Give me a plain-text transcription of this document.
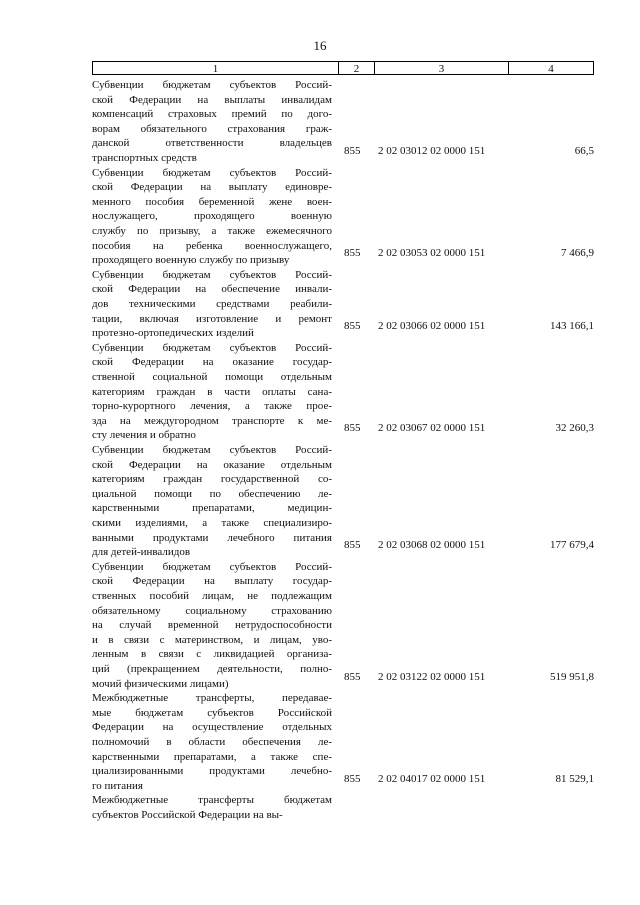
16
1	2	3	4
Субвенции бюджетам субъектов Россий-
ской Федерации на выплаты инвалидам
компенсаций страховых премий по дого-
ворам обязательного страхования граж-
данской ответственности владельцев
транспортных средств
855	2 02 03012 02 0000 151	66,5
Субвенции бюджетам субъектов Россий-
ской Федерации на выплату единовре-
менного пособия беременной жене воен-
нослужащего, проходящего военную
службу по призыву, а также ежемесячного
пособия на ребенка военнослужащего,
проходящего военную службу по призыву
855	2 02 03053 02 0000 151	7 466,9
Субвенции бюджетам субъектов Россий-
ской Федерации на обеспечение инвали-
дов техническими средствами реабили-
тации, включая изготовление и ремонт
протезно-ортопедических изделий
855	2 02 03066 02 0000 151	143 166,1
Субвенции бюджетам субъектов Россий-
ской Федерации на оказание государ-
ственной социальной помощи отдельным
категориям граждан в части оплаты сана-
торно-курортного лечения, а также прое-
зда на междугородном транспорте к ме-
сту лечения и обратно
855	2 02 03067 02 0000 151	32 260,3
Субвенции бюджетам субъектов Россий-
ской Федерации на оказание отдельным
категориям граждан государственной со-
циальной помощи по обеспечению ле-
карственными препаратами, медицин-
скими изделиями, а также специализиро-
ванными продуктами лечебного питания
для детей-инвалидов
855	2 02 03068 02 0000 151	177 679,4
Субвенции бюджетам субъектов Россий-
ской Федерации на выплату государ-
ственных пособий лицам, не подлежащим
обязательному социальному страхованию
на случай временной нетрудоспособности
и в связи с материнством, и лицам, уво-
ленным в связи с ликвидацией организа-
ций (прекращением деятельности, полно-
мочий физическими лицами)
855	2 02 03122 02 0000 151	519 951,8
Межбюджетные трансферты, передавае-
мые бюджетам субъектов Российской
Федерации на осуществление отдельных
полномочий в области обеспечения ле-
карственными препаратами, а также спе-
циализированными продуктами лечебно-
го питания
855	2 02 04017 02 0000 151	81 529,1
Межбюджетные трансферты бюджетам
субъектов Российской Федерации на вы-
